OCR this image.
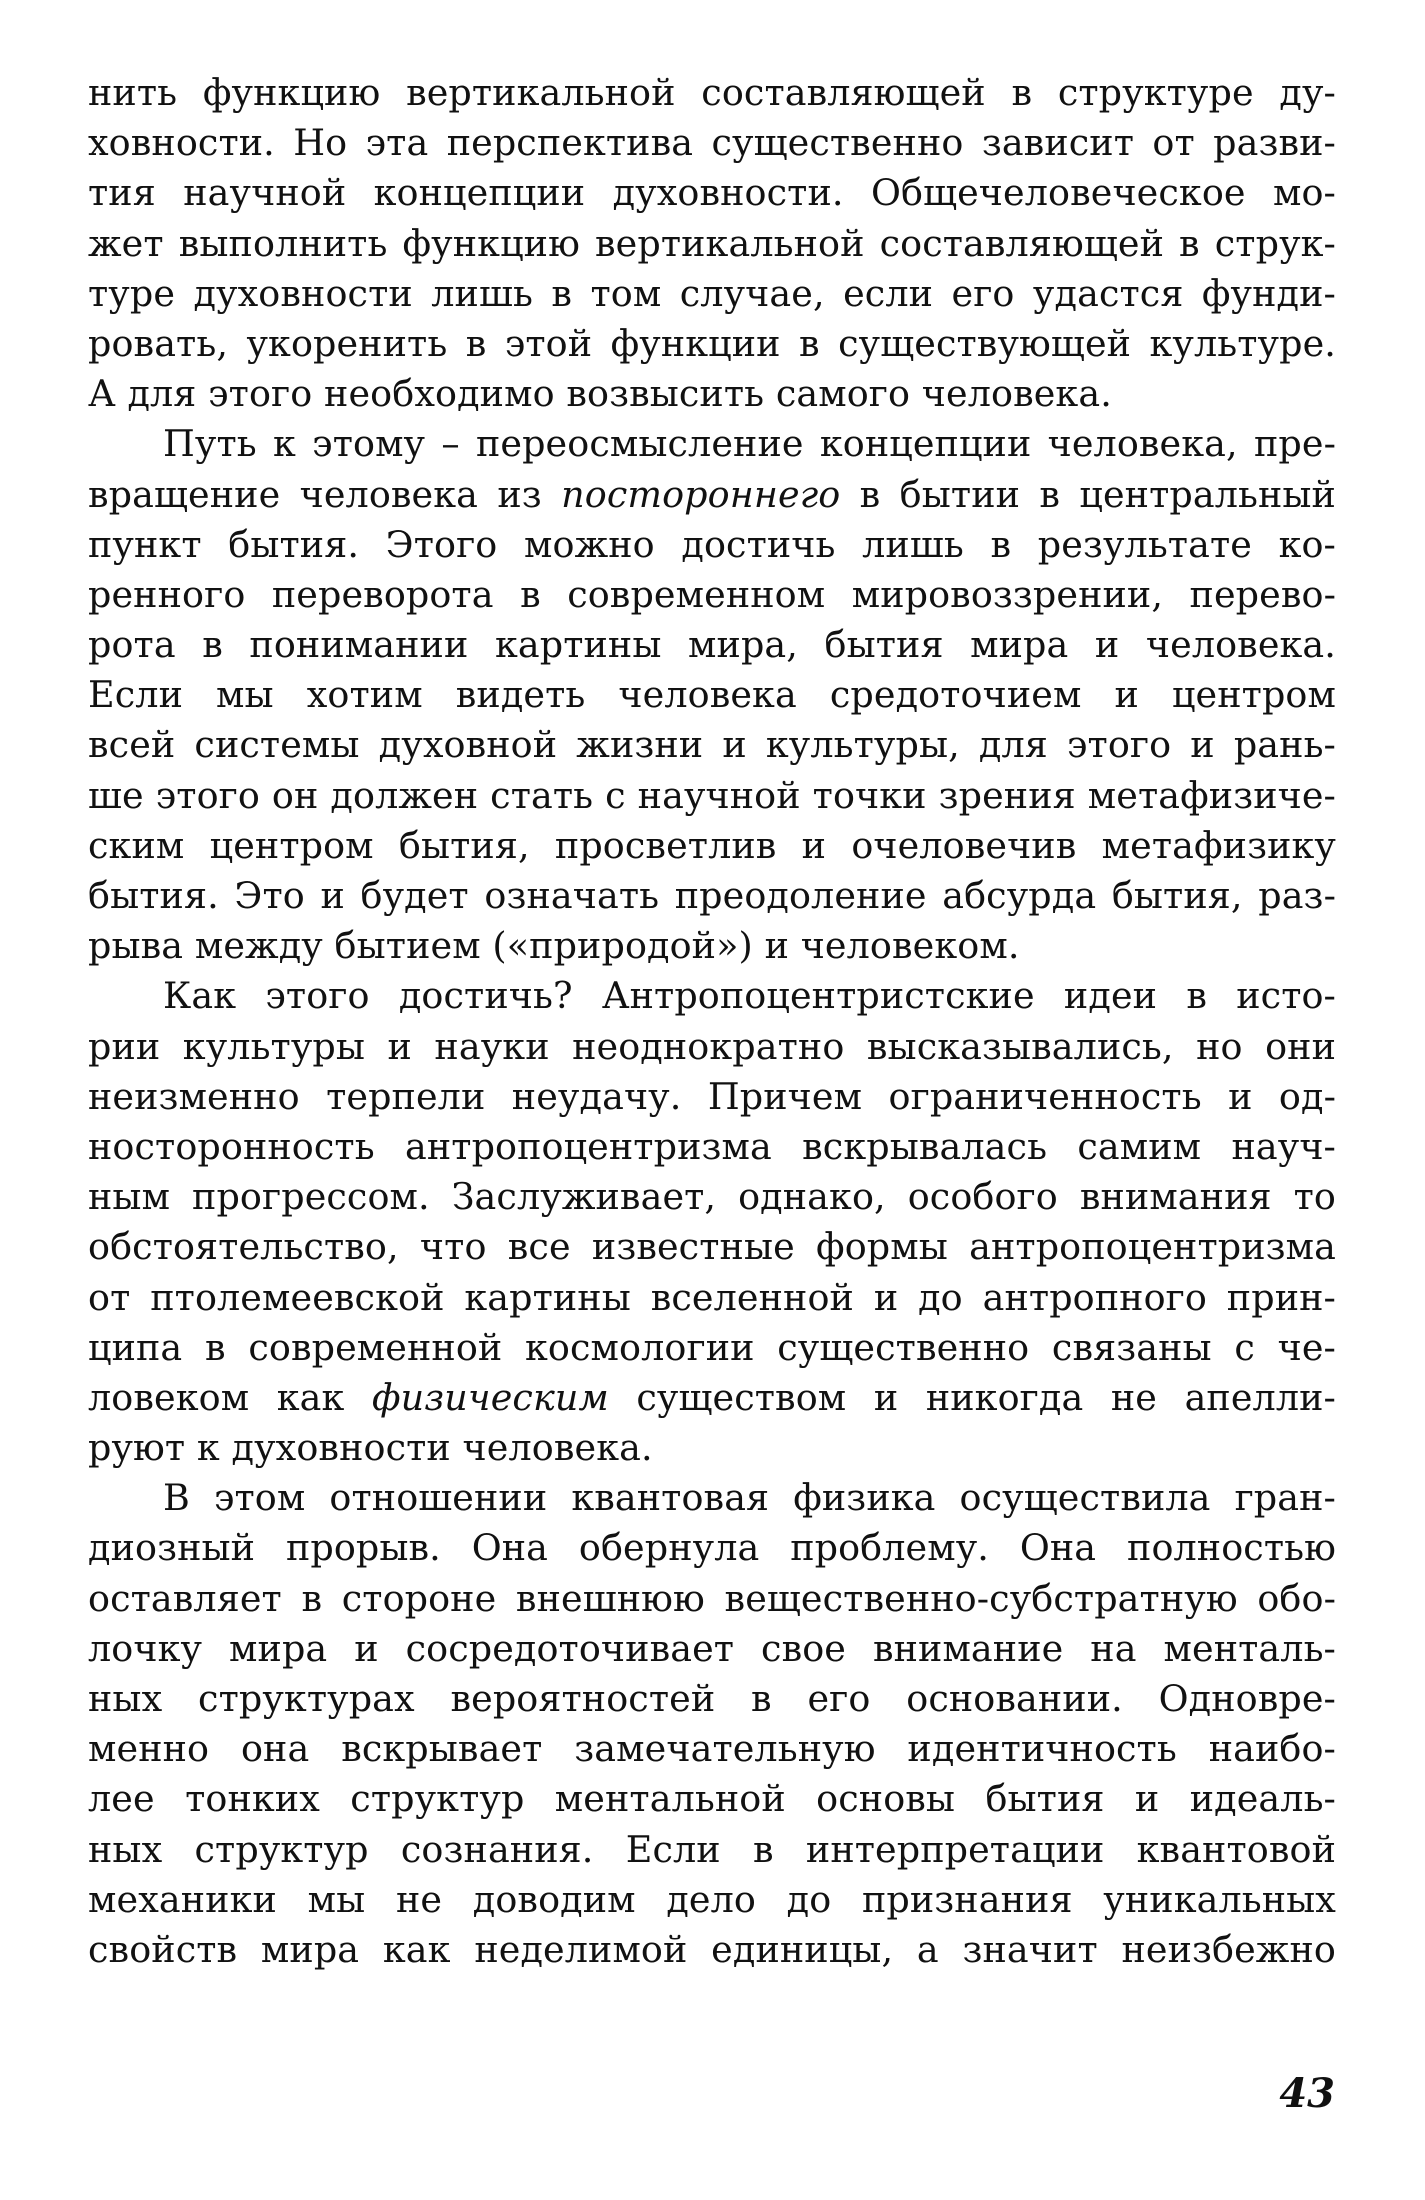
нить функцию вертикальной составляющей в структуре ду-
ховности. Но эта перспектива существенно зависит от разви-
тия научной концепции духовности. Общечеловеческое мо-
жет выполнить функцию вертикальной составляющей в струк-
туре духовности лишь в том случае, если его удастся фунди-
ровать, укоренить в этой функции в существующей культуре.
А для этого необходимо возвысить самого человека.
Путь к этому – переосмысление концепции человека, пре-
вращение человека из постороннего в бытии в центральный
пункт бытия. Этого можно достичь лишь в результате ко-
ренного переворота в современном мировоззрении, перево-
рота в понимании картины мира, бытия мира и человека.
Если мы хотим видеть человека средоточием и центром
всей системы духовной жизни и культуры, для этого и рань-
ше этого он должен стать с научной точки зрения метафизиче-
ским центром бытия, просветлив и очеловечив метафизику
бытия. Это и будет означать преодоление абсурда бытия, раз-
рыва между бытием («природой») и человеком.
Как этого достичь? Антропоцентристские идеи в исто-
рии культуры и науки неоднократно высказывались, но они
неизменно терпели неудачу. Причем ограниченность и од-
носторонность антропоцентризма вскрывалась самим науч-
ным прогрессом. Заслуживает, однако, особого внимания то
обстоятельство, что все известные формы антропоцентризма
от птолемеевской картины вселенной и до антропного прин-
ципа в современной космологии существенно связаны с че-
ловеком как физическим существом и никогда не апелли-
руют к духовности человека.
В этом отношении квантовая физика осуществила гран-
диозный прорыв. Она обернула проблему. Она полностью
оставляет в стороне внешнюю вещественно-субстратную обо-
лочку мира и сосредоточивает свое внимание на менталь-
ных структурах вероятностей в его основании. Одновре-
менно она вскрывает замечательную идентичность наибо-
лее тонких структур ментальной основы бытия и идеаль-
ных структур сознания. Если в интерпретации квантовой
механики мы не доводим дело до признания уникальных
свойств мира как неделимой единицы, а значит неизбежно
43
